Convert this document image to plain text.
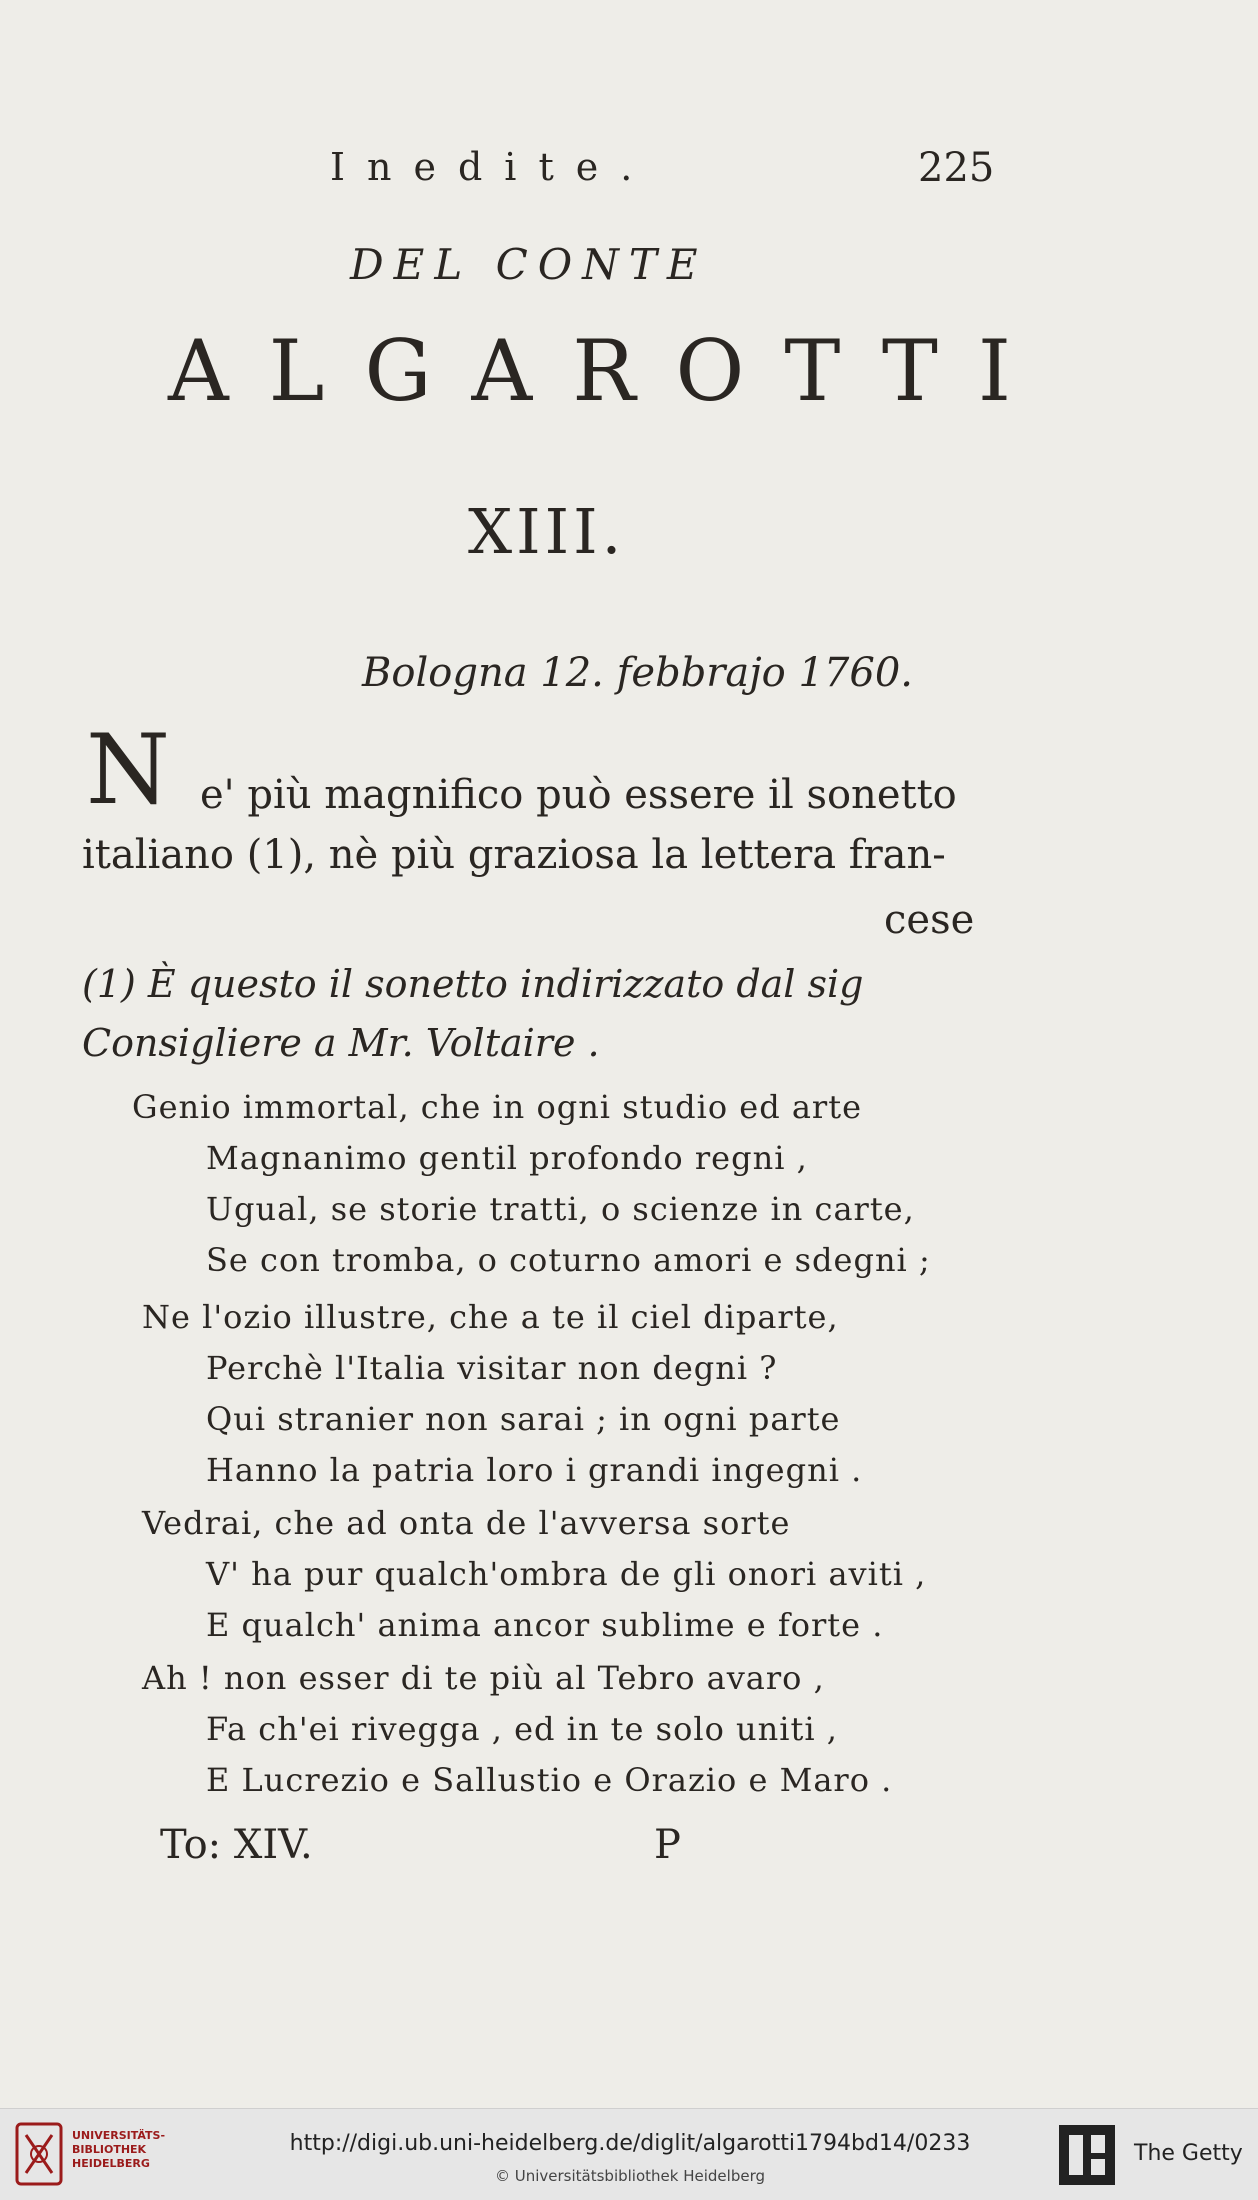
Inedite.	225
DEL CONTE
ALGAROTTI
XIII.
Bologna 12. febbrajo 1760.
N e' più magnifico può essere il sonetto
italiano (1), nè più graziosa la lettera fran-
cese
(1) È questo il sonetto indirizzato dal sig
Consigliere a Mr. Voltaire .
Genio immortal, che in ogni studio ed arte
Magnanimo gentil profondo regni ,
Ugual, se storie tratti, o scienze in carte,
Se con tromba, o coturno amori e sdegni ;
Ne l'ozio illustre, che a te il ciel diparte,
Perchè l'Italia visitar non degni ?
Qui stranier non sarai ; in ogni parte
Hanno la patria loro i grandi ingegni .
Vedrai, che ad onta de l'avversa sorte
V' ha pur qualch'ombra de gli onori aviti ,
E qualch' anima ancor sublime e forte .
Ah ! non esser di te più al Tebro avaro ,
Fa ch'ei rivegga , ed in te solo uniti ,
E Lucrezio e Sallustio e Orazio e Maro .
To: XIV.	P
UNIVERSITÄTS-
BIBLIOTHEK
HEIDELBERG
http://digi.ub.uni-heidelberg.de/diglit/algarotti1794bd14/0233
© Universitätsbibliothek Heidelberg
The Getty
